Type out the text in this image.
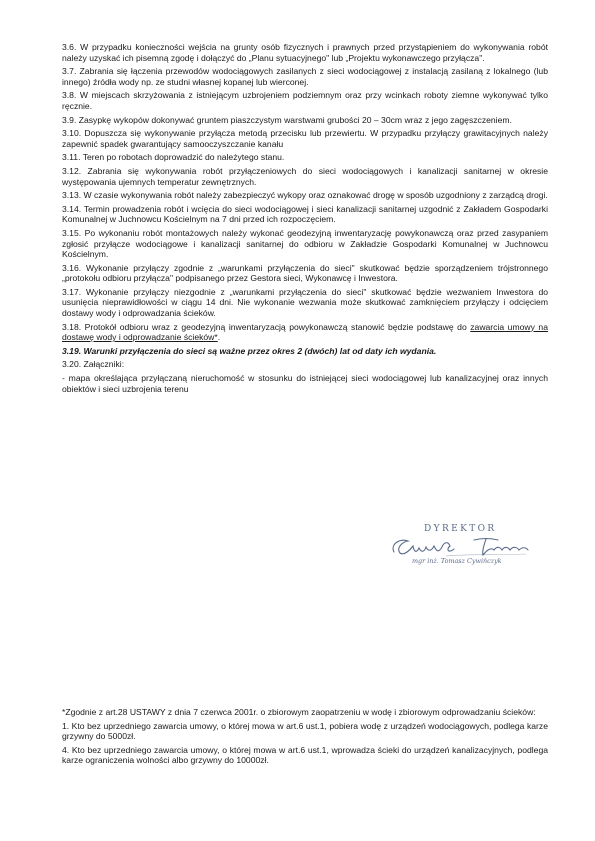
3.6. W przypadku konieczności wejścia na grunty osób fizycznych i prawnych przed przystąpieniem do wykonywania robót należy uzyskać ich pisemną zgodę i dołączyć do „Planu sytuacyjnego" lub „Projektu wykonawczego przyłącza".

3.7. Zabrania się łączenia przewodów wodociągowych zasilanych z sieci wodociągowej z instalacją zasilaną z lokalnego (lub innego) źródła wody np. ze studni własnej kopanej lub wierconej.

3.8. W miejscach skrzyżowania z istniejącym uzbrojeniem podziemnym oraz przy wcinkach roboty ziemne wykonywać tylko ręcznie.

3.9. Zasypkę wykopów dokonywać gruntem piaszczystym warstwami grubości 20 – 30cm wraz z jego zagęszczeniem.

3.10. Dopuszcza się wykonywanie przyłącza metodą przecisku lub przewiertu. W przypadku przyłączy grawitacyjnych należy zapewnić spadek gwarantujący samooczyszczanie kanału

3.11. Teren po robotach doprowadzić do należytego stanu.

3.12. Zabrania się wykonywania robót przyłączeniowych do sieci wodociągowych i kanalizacji sanitarnej w okresie występowania ujemnych temperatur zewnętrznych.

3.13. W czasie wykonywania robót należy zabezpieczyć wykopy oraz oznakować drogę w sposób uzgodniony z zarządcą drogi.

3.14. Termin prowadzenia robót i wcięcia do sieci wodociągowej i sieci kanalizacji sanitarnej uzgodnić z Zakładem Gospodarki Komunalnej w Juchnowcu Kościelnym na 7 dni przed ich rozpoczęciem.

3.15. Po wykonaniu robót montażowych należy wykonać geodezyjną inwentaryzację powykonawczą oraz przed zasypaniem zgłosić przyłącze wodociągowe i kanalizacji sanitarnej do odbioru w Zakładzie Gospodarki Komunalnej w Juchnowcu Kościelnym.

3.16. Wykonanie przyłączy zgodnie z „warunkami przyłączenia do sieci" skutkować będzie sporządzeniem trójstronnego „protokołu odbioru przyłącza" podpisanego przez Gestora sieci, Wykonawcę i Inwestora.

3.17. Wykonanie przyłączy niezgodnie z „warunkami przyłączenia do sieci" skutkować będzie wezwaniem Inwestora do usunięcia nieprawidłowości w ciągu 14 dni. Nie wykonanie wezwania może skutkować zamknięciem przyłączy i odcięciem dostawy wody i odprowadzania ścieków.

3.18. Protokół odbioru wraz z geodezyjną inwentaryzacją powykonawczą stanowić będzie podstawę do zawarcia umowy na dostawę wody i odprowadzanie ścieków*.

3.19. Warunki przyłączenia do sieci są ważne przez okres 2 (dwóch) lat od daty ich wydania.

3.20. Załączniki:

- mapa określająca przyłączaną nieruchomość w stosunku do istniejącej sieci wodociągowej lub kanalizacyjnej oraz innych obiektów i sieci uzbrojenia terenu

DYREKTOR
mgr inż. Tomasz Cywińczyk

*Zgodnie z art.28 USTAWY z dnia 7 czerwca 2001r. o zbiorowym zaopatrzeniu w wodę i zbiorowym odprowadzaniu ścieków:

1. Kto bez uprzedniego zawarcia umowy, o której mowa w art.6 ust.1, pobiera wodę z urządzeń wodociągowych, podlega karze grzywny do 5000zł.

4. Kto bez uprzedniego zawarcia umowy, o której mowa w art.6 ust.1, wprowadza ścieki do urządzeń kanalizacyjnych, podlega karze ograniczenia wolności albo grzywny do 10000zł.
